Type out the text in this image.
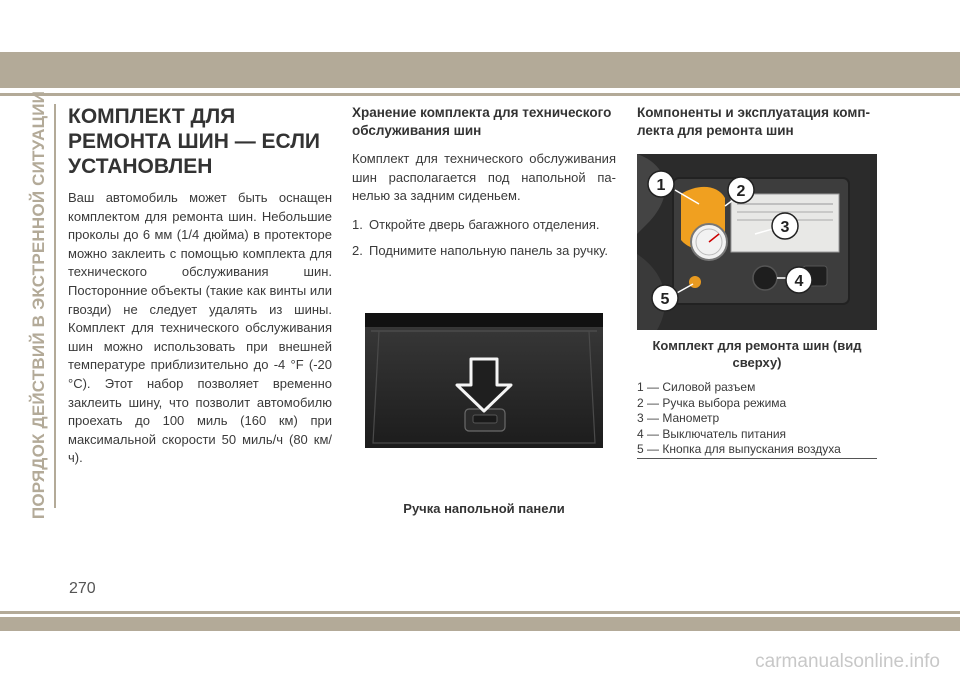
ПОРЯДОК ДЕЙСТВИЙ В ЭКСТРЕННОЙ СИТУАЦИИ КОМПЛЕКТ ДЛЯ РЕМОНТА ШИН — ЕСЛИ УСТАНОВЛЕН

Ваш автомобиль может быть оснащен комплектом для ремонта шин. Небольшие проколы до 6 мм (1/4 дюйма) в протекторе можно заклеить с помощью комплекта для технического обслуживания шин. Посторонние объекты (такие как винты или гвозди) не следует удалять из шины. Комплект для технического обслуживания шин можно использовать при внешней температуре приблизительно до -4 °F (-20 °C). Этот набор позволяет временно заклеить шину, что позволит автомобилю проехать до 100 миль (160 км) при максимальной скорости 50 миль/ч (80 км/ч).

Хранение комплекта для технического обслуживания шин

Комплект для технического обслуживания шин располагается под напольной панелью за задним сиденьем.

1. Откройте дверь багажного отделения.
2. Поднимите напольную панель за ручку.
Ручка напольной панели
Компоненты и эксплуатация комплекта для ремонта шин
1	2
3
4
5
Комплект для ремонта шин (вид сверху)
1 — Силовой разъем
2 — Ручка выбора режима
3 — Манометр
4 — Выключатель питания
5 — Кнопка для выпускания воздуха
270
carmanualsonline.info
